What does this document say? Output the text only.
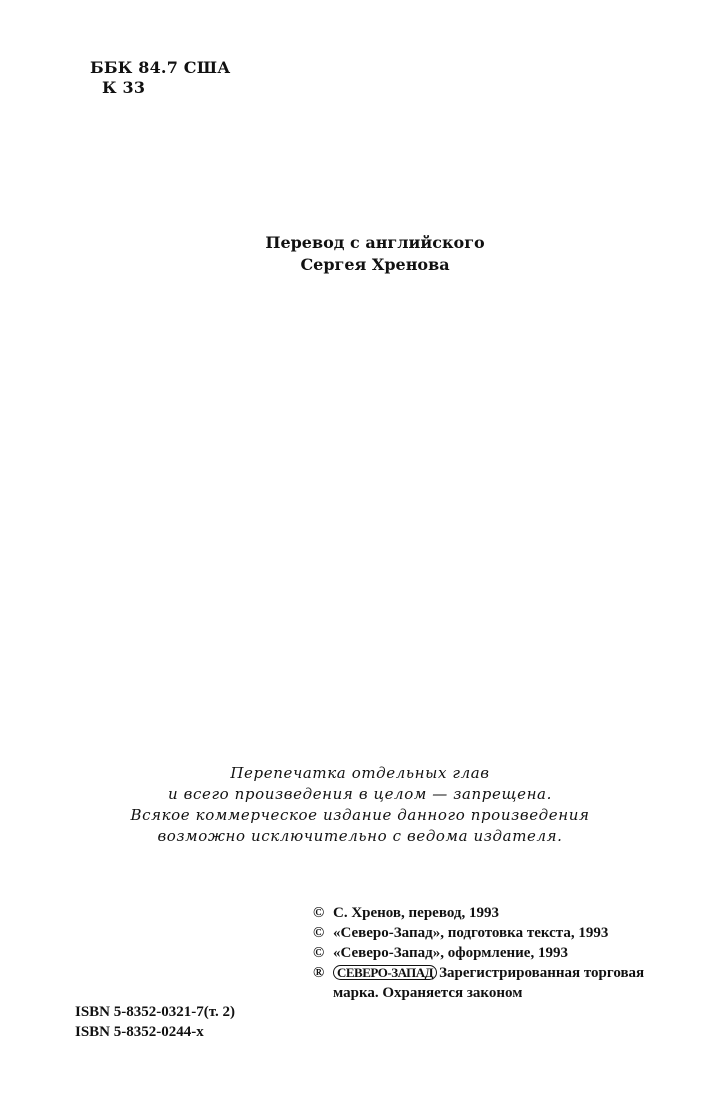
ББК 84.7 США
К 33
Перевод с английского
Сергея Хренова
Перепечатка отдельных глав
и всего произведения в целом — запрещена.
Всякое коммерческое издание данного произведения
возможно исключительно с ведома издателя.
© С. Хренов, перевод, 1993
© «Северо-Запад», подготовка текста, 1993
© «Северо-Запад», оформление, 1993
® СЕВЕРО-ЗАПАД Зарегистрированная торговая марка. Охраняется законом
ISBN 5-8352-0321-7(т. 2)
ISBN 5-8352-0244-х
